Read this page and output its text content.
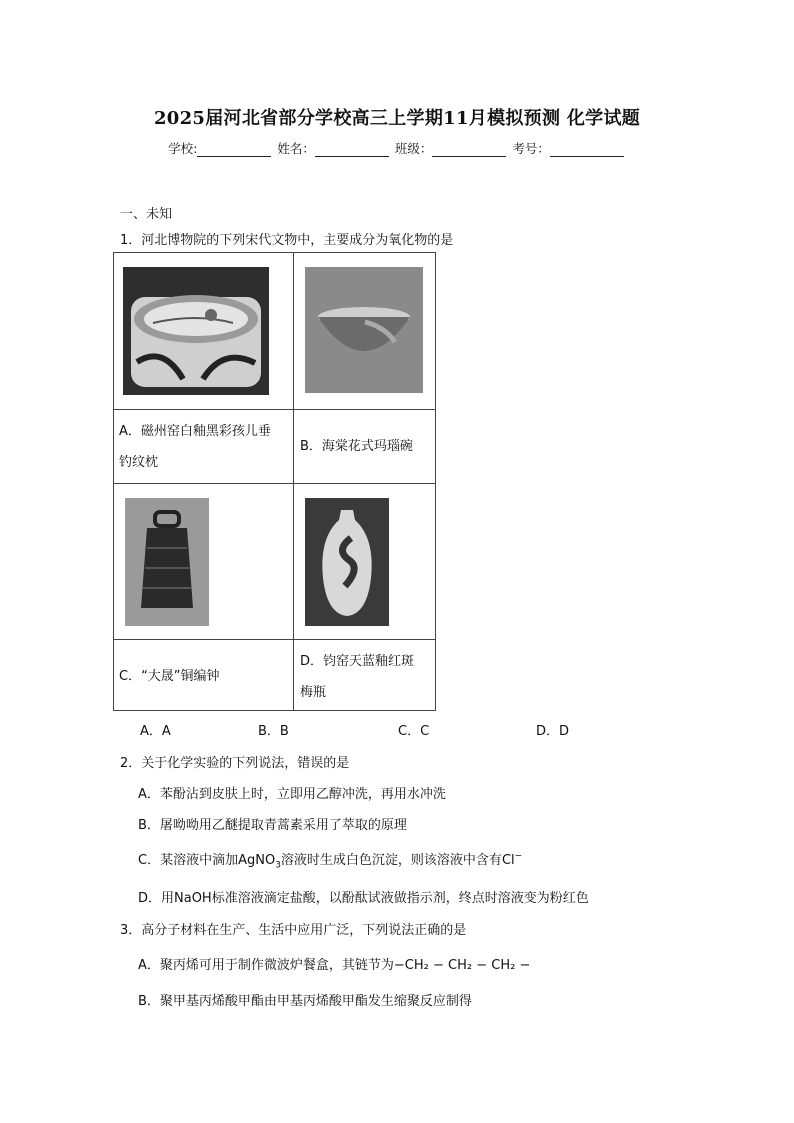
2025届河北省部分学校高三上学期11月模拟预测 化学试题
学校:	姓名：	班级：	考号：
一、未知
1．河北博物院的下列宋代文物中，主要成分为氧化物的是
A．磁州窑白釉黑彩孩儿垂
钓纹枕
B．海棠花式玛瑙碗
C．“大晟”铜编钟
D．钧窑天蓝釉红斑
梅瓶
A．A	B．B	C．C	D．D
2．关于化学实验的下列说法，错误的是
A．苯酚沾到皮肤上时，立即用乙醇冲洗，再用水冲洗
B．屠呦呦用乙醚提取青蒿素采用了萃取的原理
C．某溶液中滴加AgNO$_3$溶液时生成白色沉淀，则该溶液中含有Cl−
D．用NaOH标准溶液滴定盐酸，以酚酞试液做指示剂，终点时溶液变为粉红色
3．高分子材料在生产、生活中应用广泛，下列说法正确的是
A．聚丙烯可用于制作微波炉餐盒，其链节为−CH₂ − CH₂ − CH₂ −
B．聚甲基丙烯酸甲酯由甲基丙烯酸甲酯发生缩聚反应制得
